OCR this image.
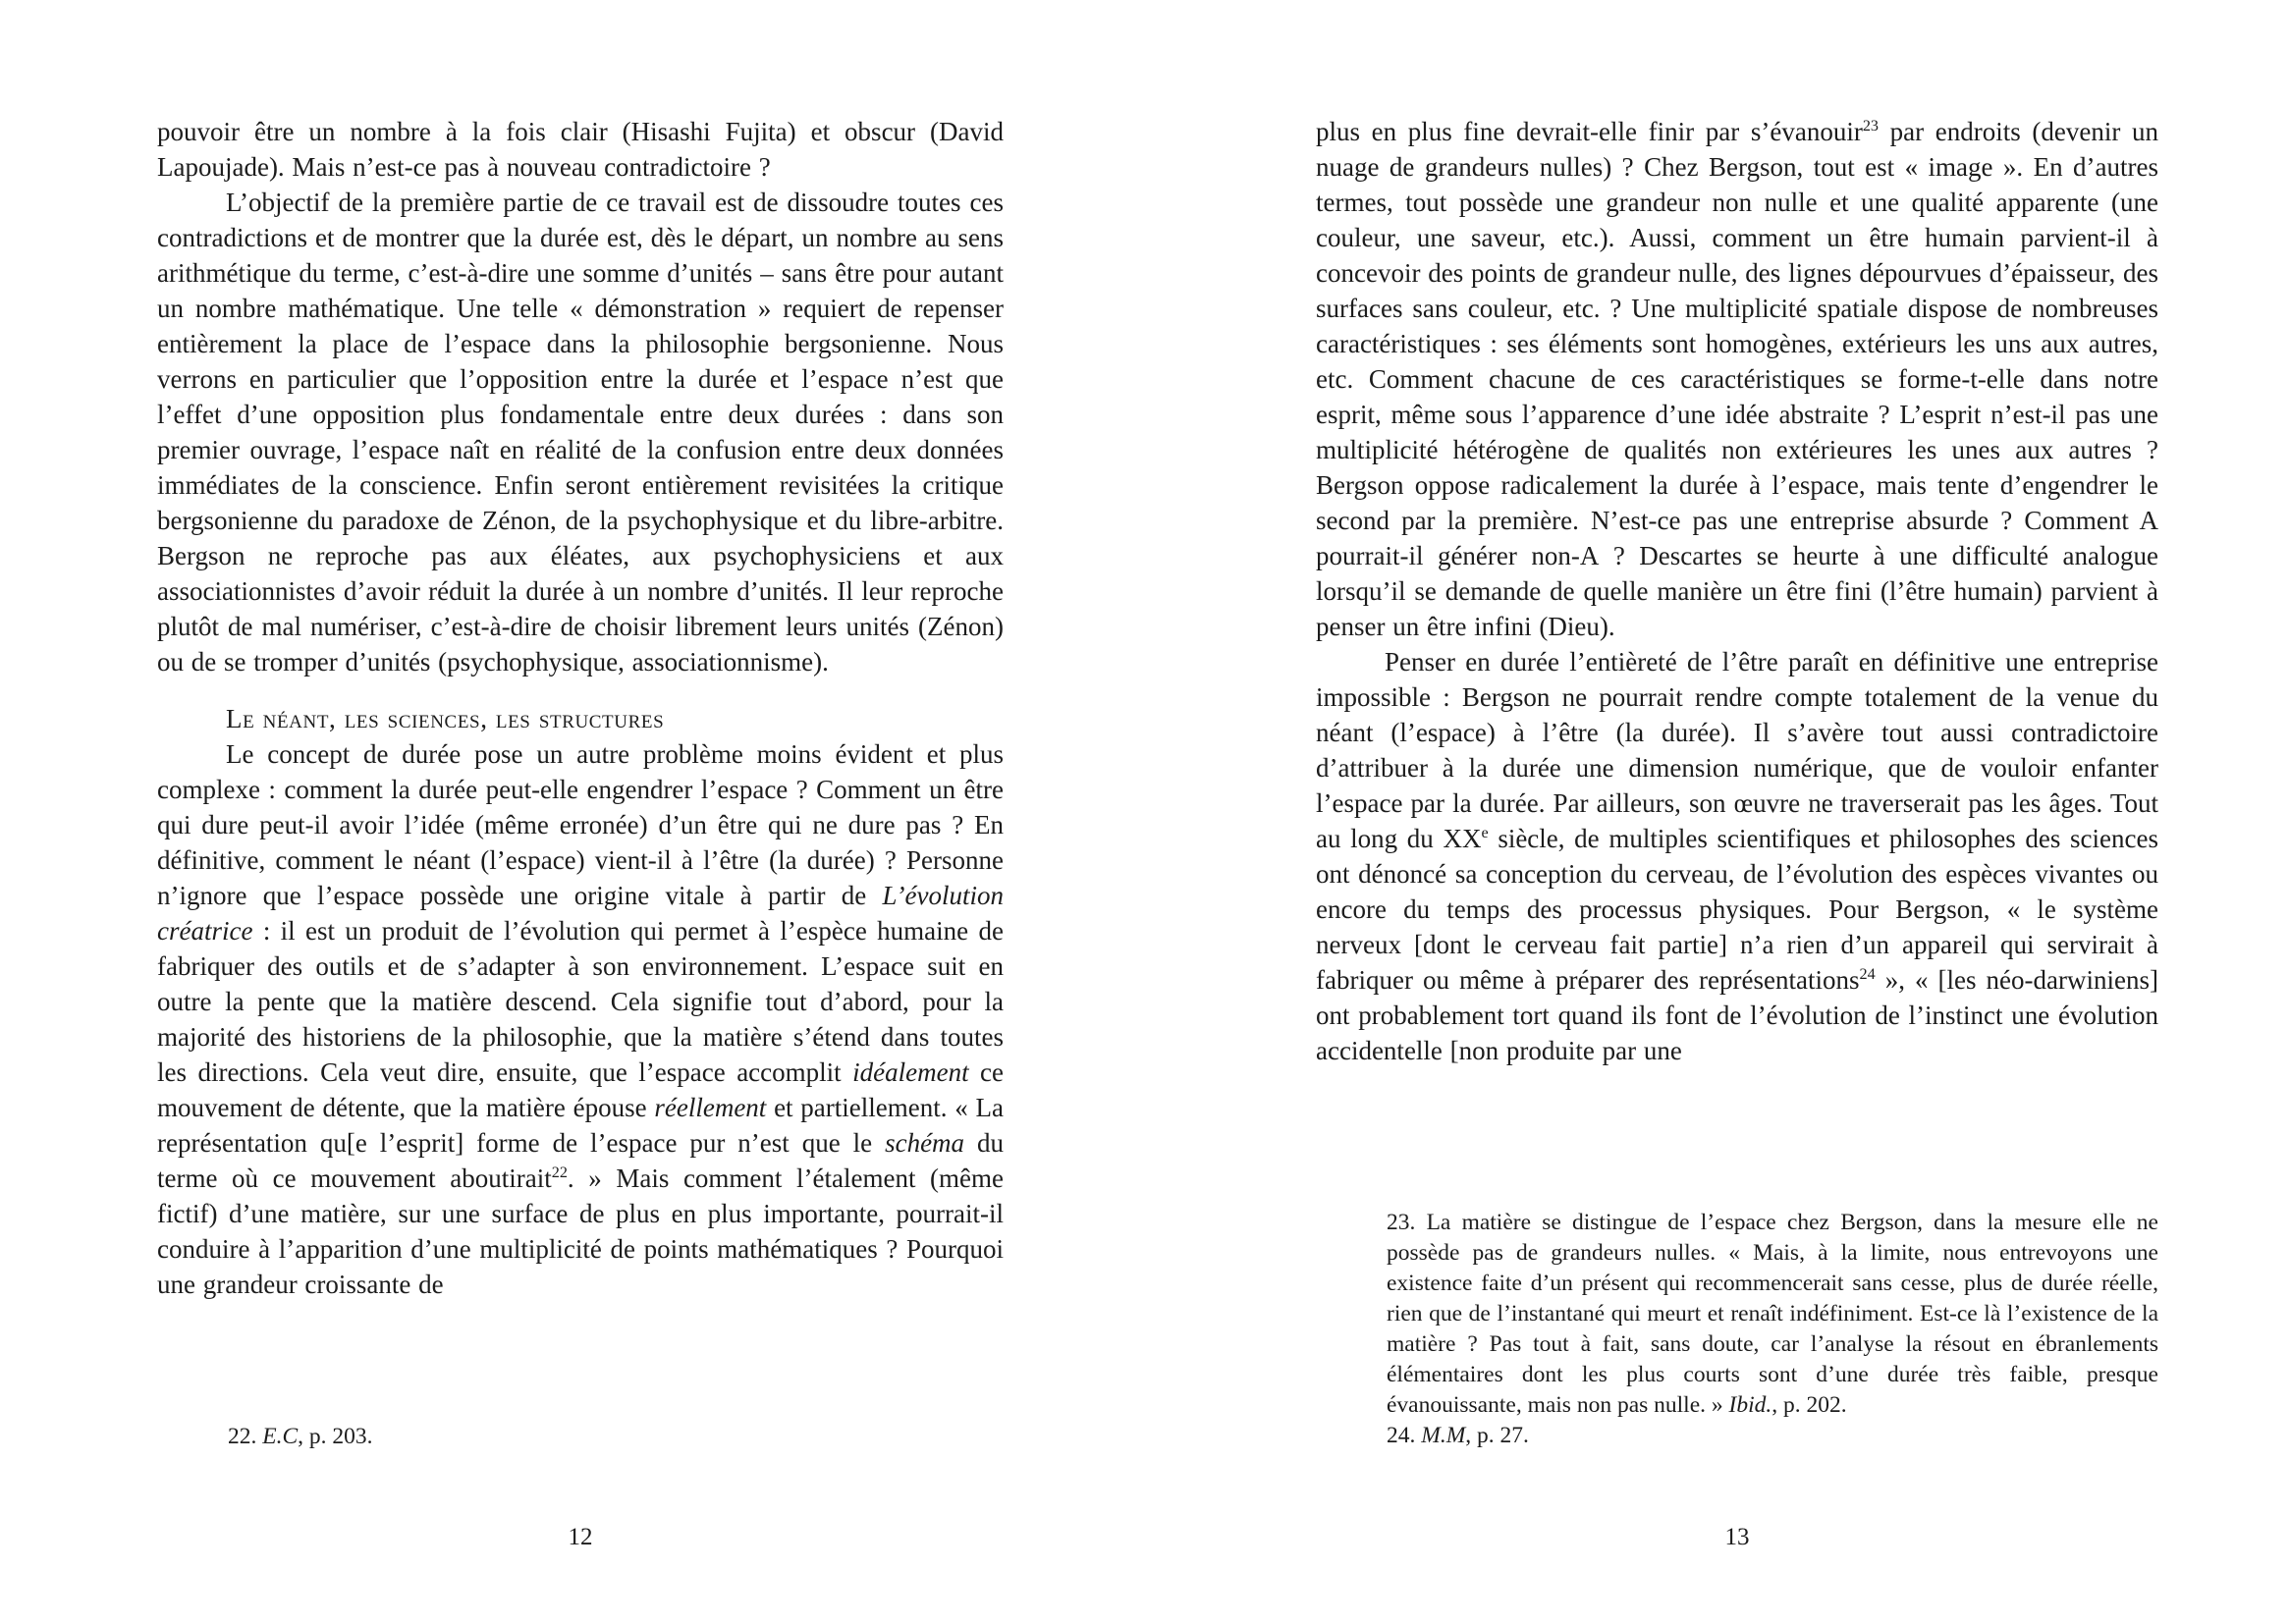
pouvoir être un nombre à la fois clair (Hisashi Fujita) et obscur (David Lapoujade). Mais n’est-ce pas à nouveau contradictoire ?

L’objectif de la première partie de ce travail est de dissoudre toutes ces contradictions et de montrer que la durée est, dès le départ, un nombre au sens arithmétique du terme, c’est-à-dire une somme d’unités – sans être pour autant un nombre mathématique. Une telle « démonstration » requiert de repenser entièrement la place de l’espace dans la philosophie bergsonienne. Nous verrons en particulier que l’opposition entre la durée et l’espace n’est que l’effet d’une opposition plus fondamentale entre deux durées : dans son premier ouvrage, l’espace naît en réalité de la confusion entre deux données immédiates de la conscience. Enfin seront entièrement revisitées la critique bergsonienne du paradoxe de Zénon, de la psychophysique et du libre-arbitre. Bergson ne reproche pas aux éléates, aux psychophysiciens et aux associationnistes d’avoir réduit la durée à un nombre d’unités. Il leur reproche plutôt de mal numériser, c’est-à-dire de choisir librement leurs unités (Zénon) ou de se tromper d’unités (psychophysique, associationnisme).

Le néant, les sciences, les structures

Le concept de durée pose un autre problème moins évident et plus complexe : comment la durée peut-elle engendrer l’espace ? Comment un être qui dure peut-il avoir l’idée (même erronée) d’un être qui ne dure pas ? En définitive, comment le néant (l’espace) vient-il à l’être (la durée) ? Personne n’ignore que l’espace possède une origine vitale à partir de L’évolution créatrice : il est un produit de l’évolution qui permet à l’espèce humaine de fabriquer des outils et de s’adapter à son environnement. L’espace suit en outre la pente que la matière descend. Cela signifie tout d’abord, pour la majorité des historiens de la philosophie, que la matière s’étend dans toutes les directions. Cela veut dire, ensuite, que l’espace accomplit idéalement ce mouvement de détente, que la matière épouse réellement et partiellement. « La représentation qu[e l’esprit] forme de l’espace pur n’est que le schéma du terme où ce mouvement aboutirait$^{22}$. » Mais comment l’étalement (même fictif) d’une matière, sur une surface de plus en plus importante, pourrait-il conduire à l’apparition d’une multiplicité de points mathématiques ? Pourquoi une grandeur croissante de

22. E.C, p. 203.

12

plus en plus fine devrait-elle finir par s’évanouir$^{23}$ par endroits (devenir un nuage de grandeurs nulles) ? Chez Bergson, tout est « image ». En d’autres termes, tout possède une grandeur non nulle et une qualité apparente (une couleur, une saveur, etc.). Aussi, comment un être humain parvient-il à concevoir des points de grandeur nulle, des lignes dépourvues d’épaisseur, des surfaces sans couleur, etc. ? Une multiplicité spatiale dispose de nombreuses caractéristiques : ses éléments sont homogènes, extérieurs les uns aux autres, etc. Comment chacune de ces caractéristiques se forme-t-elle dans notre esprit, même sous l’apparence d’une idée abstraite ? L’esprit n’est-il pas une multiplicité hétérogène de qualités non extérieures les unes aux autres ? Bergson oppose radicalement la durée à l’espace, mais tente d’engendrer le second par la première. N’est-ce pas une entreprise absurde ? Comment A pourrait-il générer non-A ? Descartes se heurte à une difficulté analogue lorsqu’il se demande de quelle manière un être fini (l’être humain) parvient à penser un être infini (Dieu).

Penser en durée l’entièreté de l’être paraît en définitive une entreprise impossible : Bergson ne pourrait rendre compte totalement de la venue du néant (l’espace) à l’être (la durée). Il s’avère tout aussi contradictoire d’attribuer à la durée une dimension numérique, que de vouloir enfanter l’espace par la durée. Par ailleurs, son œuvre ne traverserait pas les âges. Tout au long du XXe siècle, de multiples scientifiques et philosophes des sciences ont dénoncé sa conception du cerveau, de l’évolution des espèces vivantes ou encore du temps des processus physiques. Pour Bergson, « le système nerveux [dont le cerveau fait partie] n’a rien d’un appareil qui servirait à fabriquer ou même à préparer des représentations$^{24}$ », « [les néo-darwiniens] ont probablement tort quand ils font de l’évolution de l’instinct une évolution accidentelle [non produite par une

23. La matière se distingue de l’espace chez Bergson, dans la mesure elle ne possède pas de grandeurs nulles. « Mais, à la limite, nous entrevoyons une existence faite d’un présent qui recommencerait sans cesse, plus de durée réelle, rien que de l’instantané qui meurt et renaît indéfiniment. Est-ce là l’existence de la matière ? Pas tout à fait, sans doute, car l’analyse la résout en ébranlements élémentaires dont les plus courts sont d’une durée très faible, presque évanouissante, mais non pas nulle. » Ibid., p. 202.

24. M.M, p. 27.

13
